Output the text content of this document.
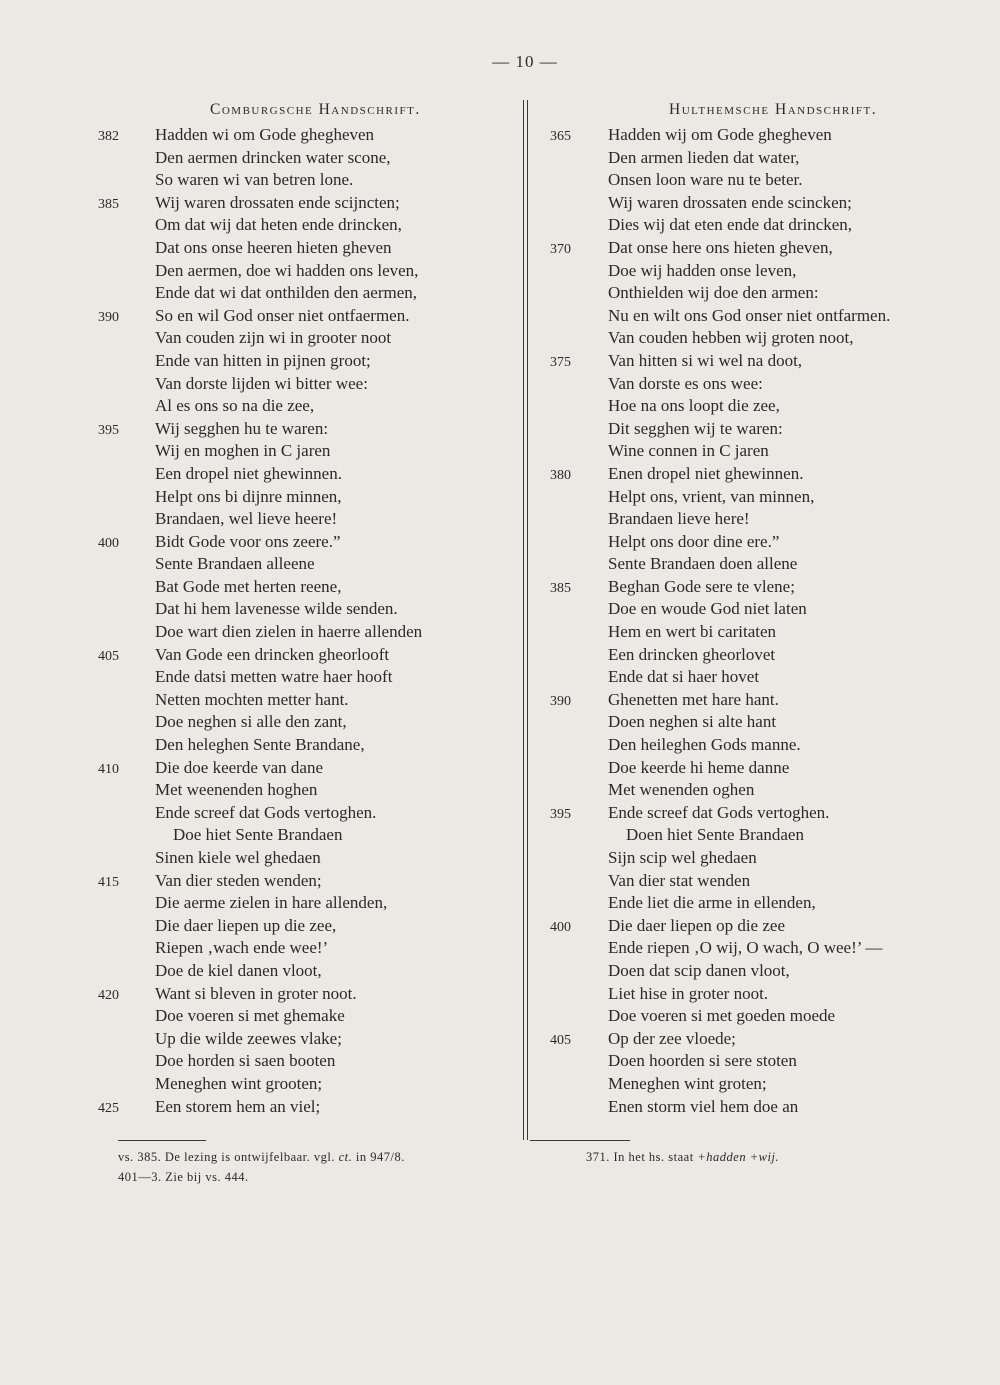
— 10 —
Comburgsche Handschrift.
382	Hadden wi om Gode ghegheven
Den aermen drincken water scone,
So waren wi van betren lone.
385	Wij waren drossaten ende scijncten;
Om dat wij dat heten ende drincken,
Dat ons onse heeren hieten gheven
Den aermen, doe wi hadden ons leven,
Ende dat wi dat onthilden den aermen,
390	So en wil God onser niet ontfaermen.
Van couden zijn wi in grooter noot
Ende van hitten in pijnen groot;
Van dorste lijden wi bitter wee:
Al es ons so na die zee,
395	Wij segghen hu te waren:
Wij en moghen in C jaren
Een dropel niet ghewinnen.
Helpt ons bi dijnre minnen,
Brandaen, wel lieve heere!
400	Bidt Gode voor ons zeere.”
Sente Brandaen alleene
Bat Gode met herten reene,
Dat hi hem lavenesse wilde senden.
Doe wart dien zielen in haerre allenden
405	Van Gode een drincken gheorlooft
Ende datsi metten watre haer hooft
Netten mochten metter hant.
Doe neghen si alle den zant,
Den heleghen Sente Brandane,
410	Die doe keerde van dane
Met weenenden hoghen
Ende screef dat Gods vertoghen.
Doe hiet Sente Brandaen
Sinen kiele wel ghedaen
415	Van dier steden wenden;
Die aerme zielen in hare allenden,
Die daer liepen up die zee,
Riepen ‚wach ende wee!’
Doe de kiel danen vloot,
420	Want si bleven in groter noot.
Doe voeren si met ghemake
Up die wilde zeewes vlake;
Doe horden si saen booten
Meneghen wint grooten;
425	Een storem hem an viel;
Hulthemsche Handschrift.
365	Hadden wij om Gode ghegheven
Den armen lieden dat water,
Onsen loon ware nu te beter.
Wij waren drossaten ende scincken;
Dies wij dat eten ende dat drincken,
370	Dat onse here ons hieten gheven,
Doe wij hadden onse leven,
Onthielden wij doe den armen:
Nu en wilt ons God onser niet ontfarmen.
Van couden hebben wij groten noot,
375	Van hitten si wi wel na doot,
Van dorste es ons wee:
Hoe na ons loopt die zee,
Dit segghen wij te waren:
Wine connen in C jaren
380	Enen dropel niet ghewinnen.
Helpt ons, vrient, van minnen,
Brandaen lieve here!
Helpt ons door dine ere.”
Sente Brandaen doen allene
385	Beghan Gode sere te vlene;
Doe en woude God niet laten
Hem en wert bi caritaten
Een drincken gheorlovet
Ende dat si haer hovet
390	Ghenetten met hare hant.
Doen neghen si alte hant
Den heileghen Gods manne.
Doe keerde hi heme danne
Met wenenden oghen
395	Ende screef dat Gods vertoghen.
Doen hiet Sente Brandaen
Sijn scip wel ghedaen
Van dier stat wenden
Ende liet die arme in ellenden,
400	Die daer liepen op die zee
Ende riepen ‚O wij, O wach, O wee!’ —
Doen dat scip danen vloot,
Liet hise in groter noot.
Doe voeren si met goeden moede
405	Op der zee vloede;
Doen hoorden si sere stoten
Meneghen wint groten;
Enen storm viel hem doe an
vs. 385. De lezing is ontwijfelbaar. vgl. ct. in 947/8.
401—3. Zie bij vs. 444.
371. In het hs. staat +hadden +wij.
